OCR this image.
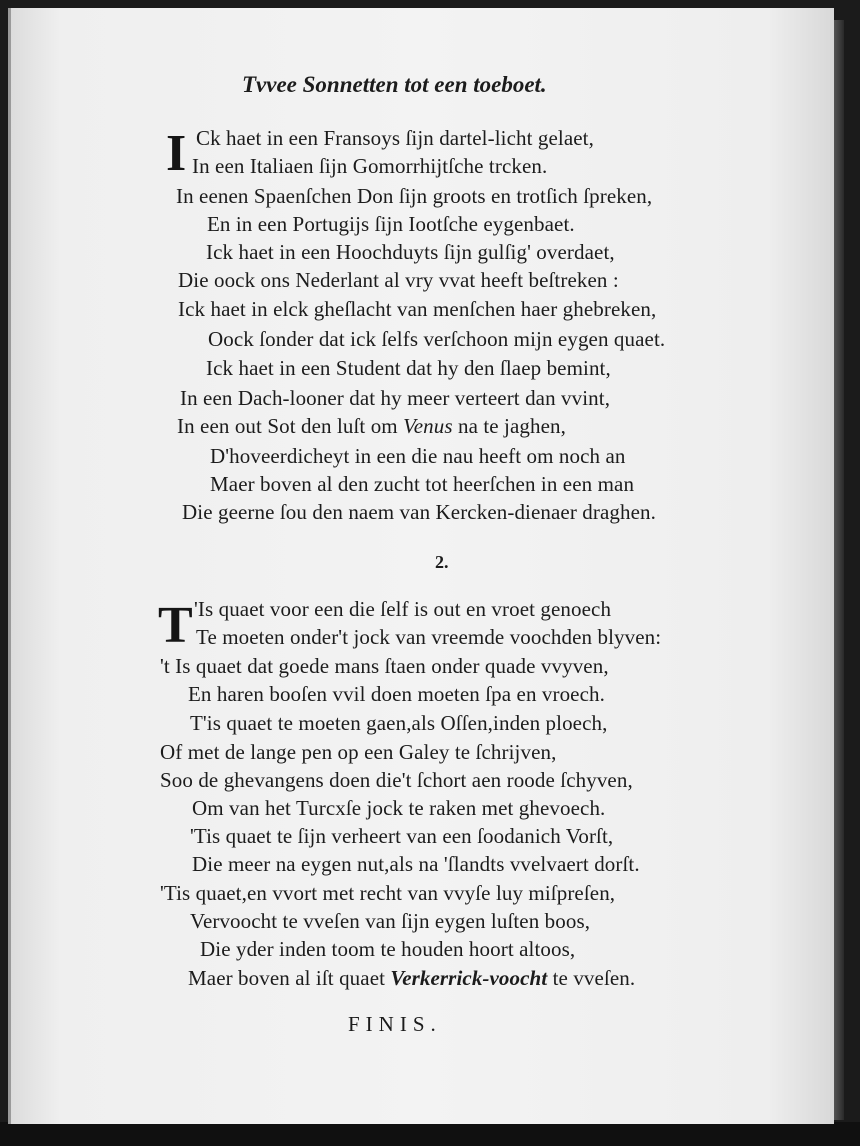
Tvvee Sonnetten tot een toeboet.
I Ck haet in een Fransoys ſijn dartel-licht gelaet,

In een Italiaen ſijn Gomorrhijtſche trcken.

In eenen Spaenſchen Don ſijn groots en trotſich ſpreken,

En in een Portugijs ſijn Iootſche eygenbaet.

Ick haet in een Hoochduyts ſijn gulſig' overdaet,

Die oock ons Nederlant al vry vvat heeft beſtreken :

Ick haet in elck gheſlacht van menſchen haer ghebreken,

Oock ſonder dat ick ſelfs verſchoon mijn eygen quaet.

Ick haet in een Student dat hy den ſlaep bemint,

In een Dach-looner dat hy meer verteert dan vvint,

In een out Sot den luſt om Venus na te jaghen,

D'hoveerdicheyt in een die nau heeft om noch an

Maer boven al den zucht tot heerſchen in een man

Die geerne ſou den naem van Kercken-dienaer draghen.

2.

T 'Is quaet voor een die ſelf is out en vroet genoech

Te moeten onder't jock van vreemde voochden blyven:

't Is quaet dat goede mans ſtaen onder quade vvyven,

En haren booſen vvil doen moeten ſpa en vroech.

T'is quaet te moeten gaen,als Oſſen,inden ploech,

Of met de lange pen op een Galey te ſchrijven,

Soo de ghevangens doen die't ſchort aen roode ſchyven,

Om van het Turcxſe jock te raken met ghevoech.

'Tis quaet te ſijn verheert van een ſoodanich Vorſt,

Die meer na eygen nut,als na 'ſlandts vvelvaert dorſt.

'Tis quaet,en vvort met recht van vvyſe luy miſpreſen,

Vervoocht te vveſen van ſijn eygen luſten boos,

Die yder inden toom te houden hoort altoos,

Maer boven al iſt quaet Verkerrick-voocht te vveſen.

FINIS.
